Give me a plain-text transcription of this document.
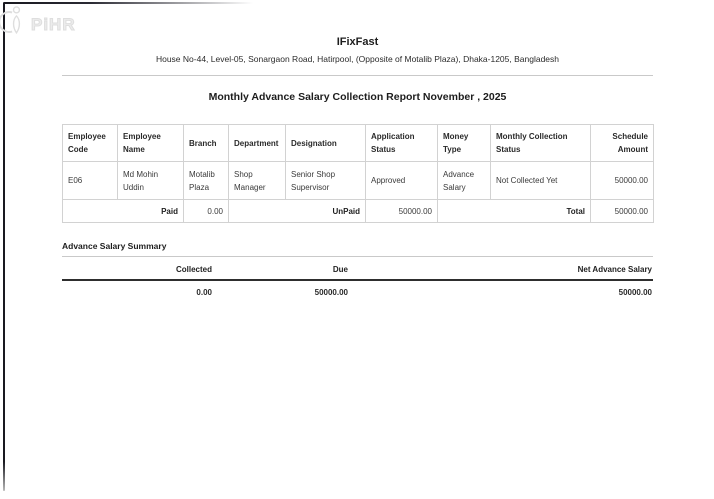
PiHR
IFixFast
House No-44, Level-05, Sonargaon Road, Hatirpool, (Opposite of Motalib Plaza), Dhaka-1205, Bangladesh
Monthly Advance Salary Collection Report November , 2025
Employee Code	Employee Name	Branch	Department	Designation	Application Status	Money Type	Monthly Collection Status	Schedule Amount
E06	Md Mohin Uddin	Motalib Plaza	Shop Manager	Senior Shop Supervisor	Approved	Advance Salary	Not Collected Yet	50000.00
Paid		0.00	UnPaid		50000.00	Total		50000.00
Advance Salary Summary
Collected	Due	Net Advance Salary
0.00	50000.00	50000.00
